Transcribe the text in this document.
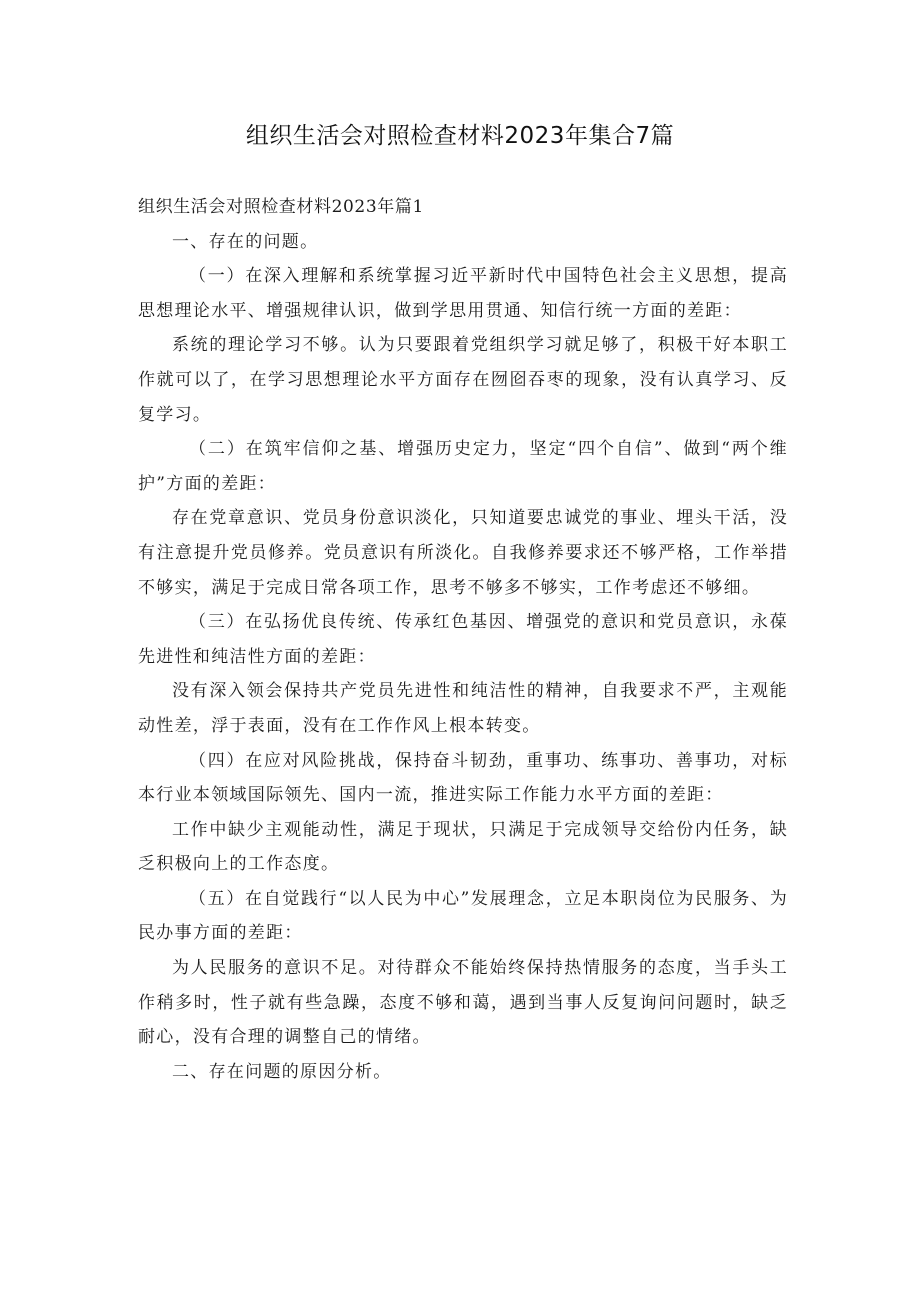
组织生活会对照检查材料2023年集合7篇

组织生活会对照检查材料2023年篇1

一、存在的问题。

（一）在深入理解和系统掌握习近平新时代中国特色社会主义思想，提高思想理论水平、增强规律认识，做到学思用贯通、知信行统一方面的差距：

系统的理论学习不够。认为只要跟着党组织学习就足够了，积极干好本职工作就可以了，在学习思想理论水平方面存在囫囵吞枣的现象，没有认真学习、反复学习。

（二）在筑牢信仰之基、增强历史定力，坚定“四个自信”、做到“两个维护”方面的差距：

存在党章意识、党员身份意识淡化，只知道要忠诚党的事业、埋头干活，没有注意提升党员修养。党员意识有所淡化。自我修养要求还不够严格，工作举措不够实，满足于完成日常各项工作，思考不够多不够实，工作考虑还不够细。

（三）在弘扬优良传统、传承红色基因、增强党的意识和党员意识，永葆先进性和纯洁性方面的差距：

没有深入领会保持共产党员先进性和纯洁性的精神，自我要求不严，主观能动性差，浮于表面，没有在工作作风上根本转变。

（四）在应对风险挑战，保持奋斗韧劲，重事功、练事功、善事功，对标本行业本领域国际领先、国内一流，推进实际工作能力水平方面的差距：

工作中缺少主观能动性，满足于现状，只满足于完成领导交给份内任务，缺乏积极向上的工作态度。

（五）在自觉践行“以人民为中心”发展理念，立足本职岗位为民服务、为民办事方面的差距：

为人民服务的意识不足。对待群众不能始终保持热情服务的态度，当手头工作稍多时，性子就有些急躁，态度不够和蔼，遇到当事人反复询问问题时，缺乏耐心，没有合理的调整自己的情绪。

二、存在问题的原因分析。
